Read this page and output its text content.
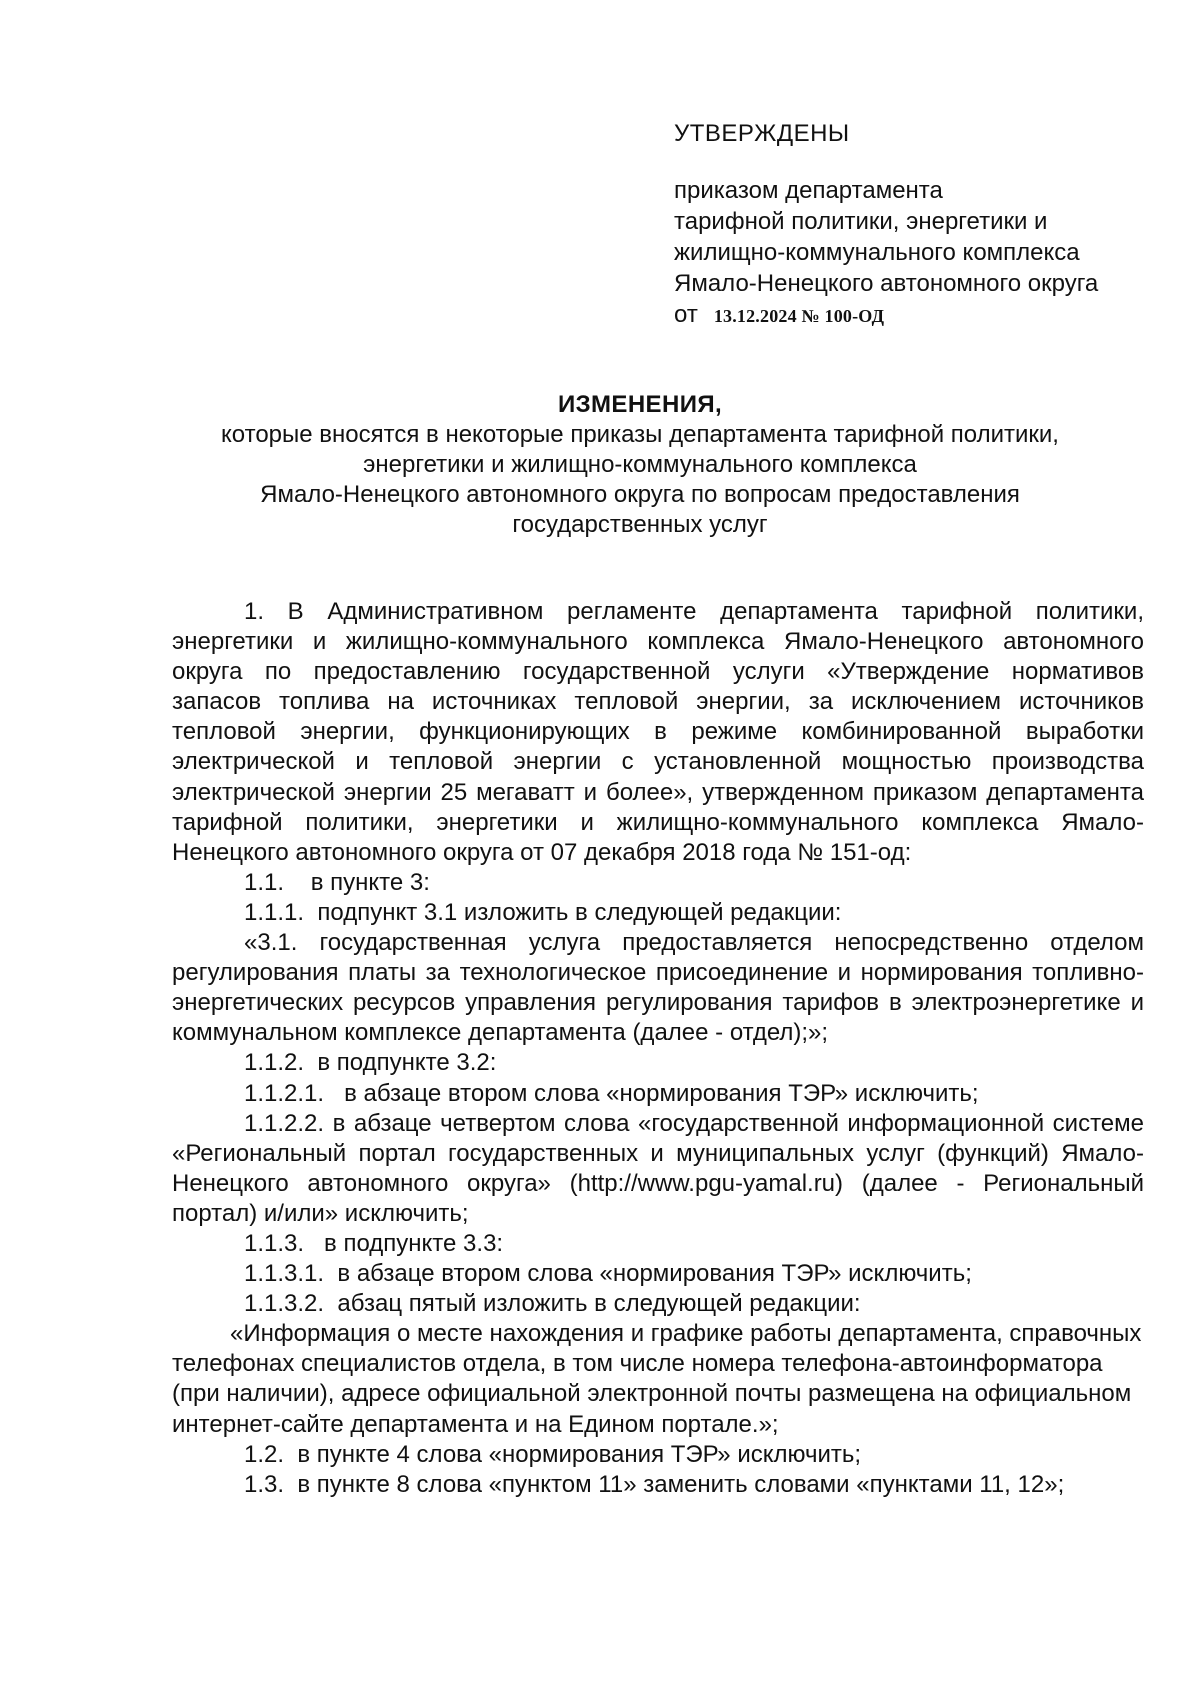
УТВЕРЖДЕНЫ
приказом департамента
тарифной политики, энергетики и
жилищно-коммунального комплекса
Ямало-Ненецкого автономного округа
от 13.12.2024 № 100-ОД
ИЗМЕНЕНИЯ,
которые вносятся в некоторые приказы департамента тарифной политики,
энергетики и жилищно-коммунального комплекса
Ямало-Ненецкого автономного округа по вопросам предоставления
государственных услуг

1. В Административном регламенте департамента тарифной политики, энергетики и жилищно-коммунального комплекса Ямало-Ненецкого автономного округа по предоставлению государственной услуги «Утверждение нормативов запасов топлива на источниках тепловой энергии, за исключением источников тепловой энергии, функционирующих в режиме комбинированной выработки электрической и тепловой энергии с установленной мощностью производства электрической энергии 25 мегаватт и более», утвержденном приказом департамента тарифной политики, энергетики и жилищно-коммунального комплекса Ямало-Ненецкого автономного округа от 07 декабря 2018 года № 151-од:

1.1.    в пункте 3:

1.1.1.  подпункт 3.1 изложить в следующей редакции:

«3.1. государственная услуга предоставляется непосредственно отделом регулирования платы за технологическое присоединение и нормирования топливно-энергетических ресурсов управления регулирования тарифов в электроэнергетике и коммунальном комплексе департамента (далее - отдел);»;

1.1.2.  в подпункте 3.2:

1.1.2.1.   в абзаце втором слова «нормирования ТЭР» исключить;

1.1.2.2. в абзаце четвертом слова «государственной информационной системе «Региональный портал государственных и муниципальных услуг (функций) Ямало-Ненецкого автономного округа» (http://www.pgu-yamal.ru) (далее - Региональный портал) и/или» исключить;

1.1.3.   в подпункте 3.3:

1.1.3.1.  в абзаце втором слова «нормирования ТЭР» исключить;

1.1.3.2.  абзац пятый изложить в следующей редакции:

«Информация о месте нахождения и графике работы департамента, справочных телефонах специалистов отдела, в том числе номера телефона-автоинформатора (при наличии), адресе официальной электронной почты размещена на официальном интернет-сайте департамента и на Едином портале.»;

1.2.  в пункте 4 слова «нормирования ТЭР» исключить;

1.3.  в пункте 8 слова «пунктом 11» заменить словами «пунктами 11, 12»;
